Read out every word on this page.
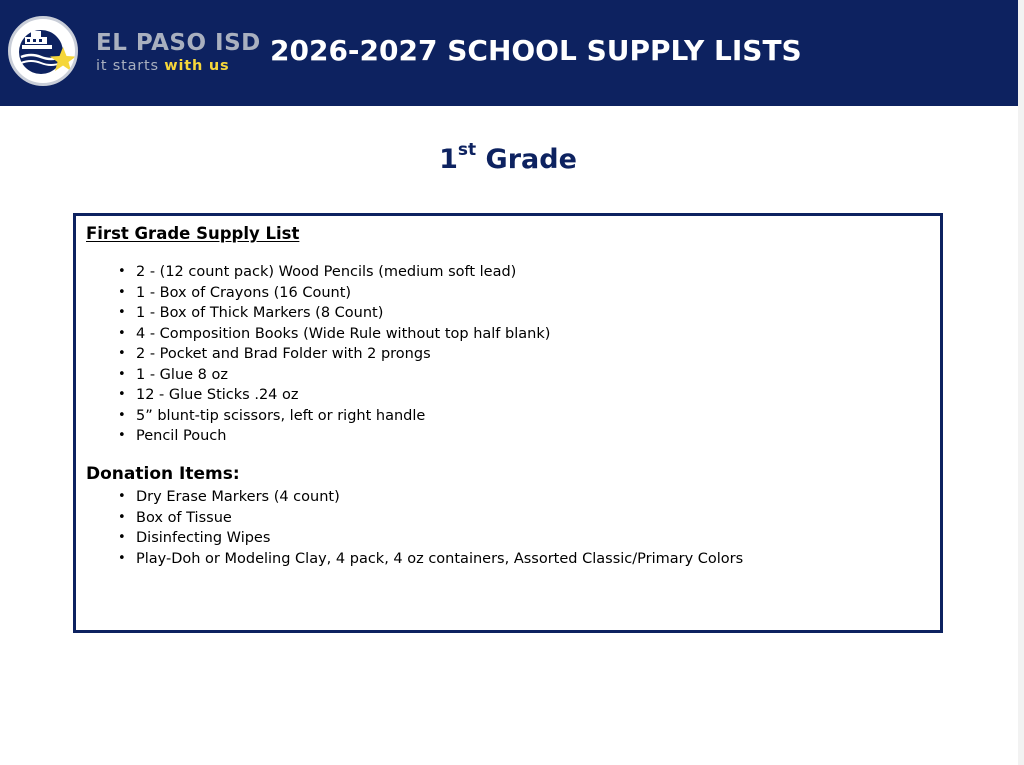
EL PASO ISD
it starts with us	2026-2027 SCHOOL SUPPLY LISTS
1st Grade
First Grade Supply List
• 2 - (12 count pack) Wood Pencils (medium soft lead)
• 1 - Box of Crayons (16 Count)
• 1 - Box of Thick Markers (8 Count)
• 4 - Composition Books (Wide Rule without top half blank)
• 2 - Pocket and Brad Folder with 2 prongs
• 1 - Glue 8 oz
• 12 - Glue Sticks .24 oz
• 5” blunt-tip scissors, left or right handle
• Pencil Pouch
Donation Items:
• Dry Erase Markers (4 count)
• Box of Tissue
• Disinfecting Wipes
• Play-Doh or Modeling Clay, 4 pack, 4 oz containers, Assorted Classic/Primary Colors
